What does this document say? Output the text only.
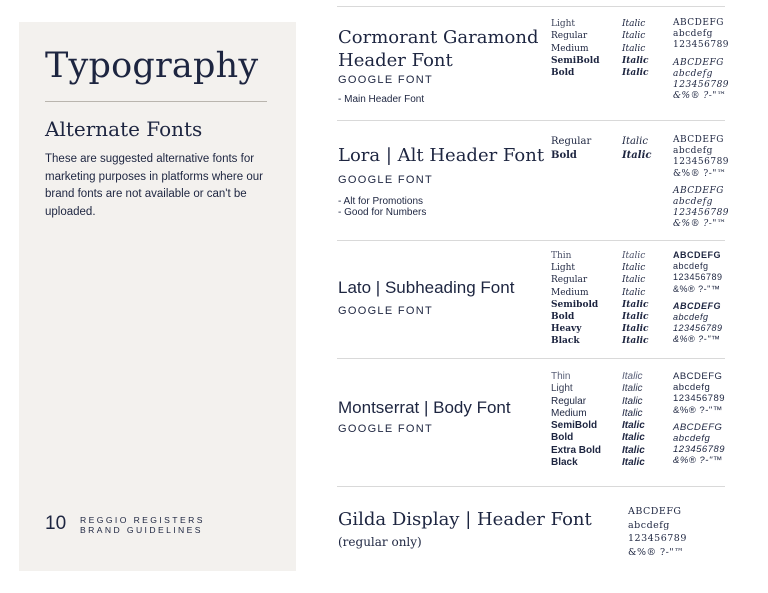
Typography
Alternate Fonts
These are suggested alternative fonts for marketing purposes in platforms where our brand fonts are not available or can't be uploaded.
10 REGGIO REGISTERS
BRAND GUIDELINES
Cormorant Garamond
Header Font
GOOGLE FONT
- Main Header Font
Light
Regular
Medium
SemiBold
Bold
Italic
Italic
Italic
Italic
Italic
ABCDEFG
abcdefg
123456789
ABCDEFG
abcdefg
123456789
&%® ?-"™
Lora | Alt Header Font
GOOGLE FONT
- Alt for Promotions
- Good for Numbers
Regular
Bold
Italic
Italic
ABCDEFG
abcdefg
123456789
&%® ?-"™
ABCDEFG
abcdefg
123456789
&%® ?-"™
Lato | Subheading Font
GOOGLE FONT
Thin
Light
Regular
Medium
Semibold
Bold
Heavy
Black
Italic
Italic
Italic
Italic
Italic
Italic
Italic
Italic
ABCDEFG
abcdefg
123456789
&%® ?-"™
ABCDEFG
abcdefg
123456789
&%® ?-"™
Montserrat | Body Font
GOOGLE FONT
Thin
Light
Regular
Medium
SemiBold
Bold
Extra Bold
Black
Italic
Italic
Italic
Italic
Italic
Italic
Italic
Italic
ABCDEFG
abcdefg
123456789
&%® ?-"™
ABCDEFG
abcdefg
123456789
&%® ?-"™
Gilda Display | Header Font
(regular only)
ABCDEFG
abcdefg
123456789
&%® ?-"™
